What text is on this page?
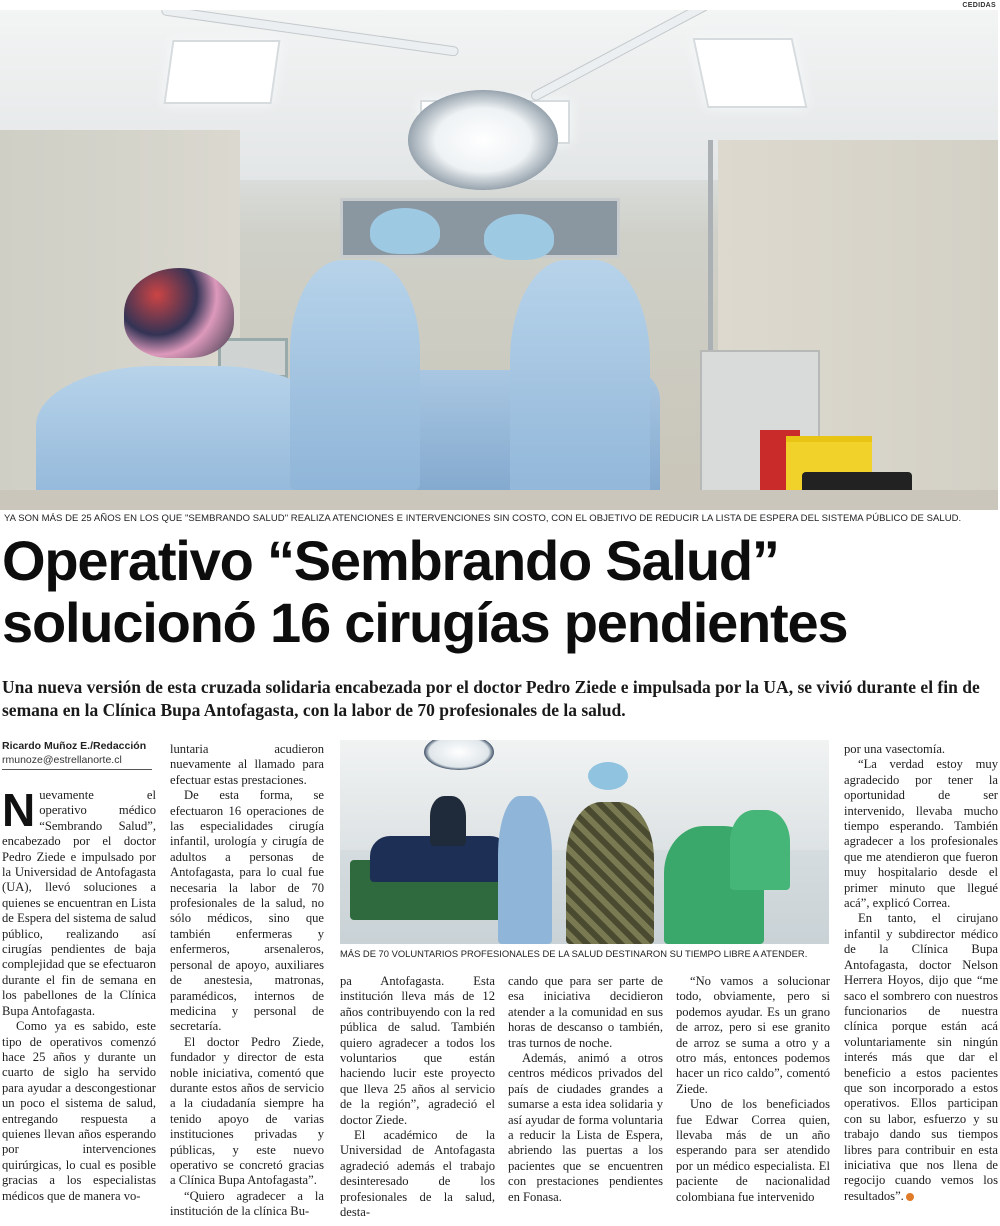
CEDIDAS
YA SON MÁS DE 25 AÑOS EN LOS QUE "SEMBRANDO SALUD" REALIZA ATENCIONES E INTERVENCIONES SIN COSTO, CON EL OBJETIVO DE REDUCIR LA LISTA DE ESPERA DEL SISTEMA PÚBLICO DE SALUD.
Operativo “Sembrando Salud”
solucionó 16 cirugías pendientes
Una nueva versión de esta cruzada solidaria encabezada por el doctor Pedro Ziede e impulsada por la UA, se vivió durante el fin de semana en la Clínica Bupa Antofagasta, con la labor de 70 profesionales de la salud.
Ricardo Muñoz E./Redacción
rmunoze@estrellanorte.cl

Nuevamente el operativo médico “Sembrando Salud”, encabezado por el doctor Pedro Ziede e impulsado por la Universidad de Antofagasta (UA), llevó soluciones a quienes se encuentran en Lista de Espera del sistema de salud público, realizando así cirugías pendientes de baja complejidad que se efectuaron durante el fin de semana en los pabellones de la Clínica Bupa Antofagasta.

Como ya es sabido, este tipo de operativos comenzó hace 25 años y durante un cuarto de siglo ha servido para ayudar a descongestionar un poco el sistema de salud, entregando respuesta a quienes llevan años esperando por intervenciones quirúrgicas, lo cual es posible gracias a los especialistas médicos que de manera vo-

luntaria acudieron nuevamente al llamado para efectuar estas prestaciones.

De esta forma, se efectuaron 16 operaciones de las especialidades cirugía infantil, urología y cirugía de adultos a personas de Antofagasta, para lo cual fue necesaria la labor de 70 profesionales de la salud, no sólo médicos, sino que también enfermeras y enfermeros, arsenaleros, personal de apoyo, auxiliares de anestesia, matronas, paramédicos, internos de medicina y personal de secretaría.

El doctor Pedro Ziede, fundador y director de esta noble iniciativa, comentó que durante estos años de servicio a la ciudadanía siempre ha tenido apoyo de varias instituciones privadas y públicas, y este nuevo operativo se concretó gracias a Clínica Bupa Antofagasta”.

“Quiero agradecer a la institución de la clínica Bu-

MÁS DE 70 VOLUNTARIOS PROFESIONALES DE LA SALUD DESTINARON SU TIEMPO LIBRE A ATENDER.

pa Antofagasta. Esta institución lleva más de 12 años contribuyendo con la red pública de salud. También quiero agradecer a todos los voluntarios que están haciendo lucir este proyecto que lleva 25 años al servicio de la región”, agradeció el doctor Ziede.

El académico de la Universidad de Antofagasta agradeció además el trabajo desinteresado de los profesionales de la salud, desta-

cando que para ser parte de esa iniciativa decidieron atender a la comunidad en sus horas de descanso o también, tras turnos de noche.

Además, animó a otros centros médicos privados del país de ciudades grandes a sumarse a esta idea solidaria y así ayudar de forma voluntaria a reducir la Lista de Espera, abriendo las puertas a los pacientes que se encuentren con prestaciones pendientes en Fonasa.

“No vamos a solucionar todo, obviamente, pero si podemos ayudar. Es un grano de arroz, pero si ese granito de arroz se suma a otro y a otro más, entonces podemos hacer un rico caldo”, comentó Ziede.

Uno de los beneficiados fue Edwar Correa quien, llevaba más de un año esperando para ser atendido por un médico especialista. El paciente de nacionalidad colombiana fue intervenido

por una vasectomía.

“La verdad estoy muy agradecido por tener la oportunidad de ser intervenido, llevaba mucho tiempo esperando. También agradecer a los profesionales que me atendieron que fueron muy hospitalario desde el primer minuto que llegué acá”, explicó Correa.

En tanto, el cirujano infantil y subdirector médico de la Clínica Bupa Antofagasta, doctor Nelson Herrera Hoyos, dijo que “me saco el sombrero con nuestros funcionarios de nuestra clínica porque están acá voluntariamente sin ningún interés más que dar el beneficio a estos pacientes que son incorporado a estos operativos. Ellos participan con su labor, esfuerzo y su trabajo dando sus tiempos libres para contribuir en esta iniciativa que nos llena de regocijo cuando vemos los resultados”.
